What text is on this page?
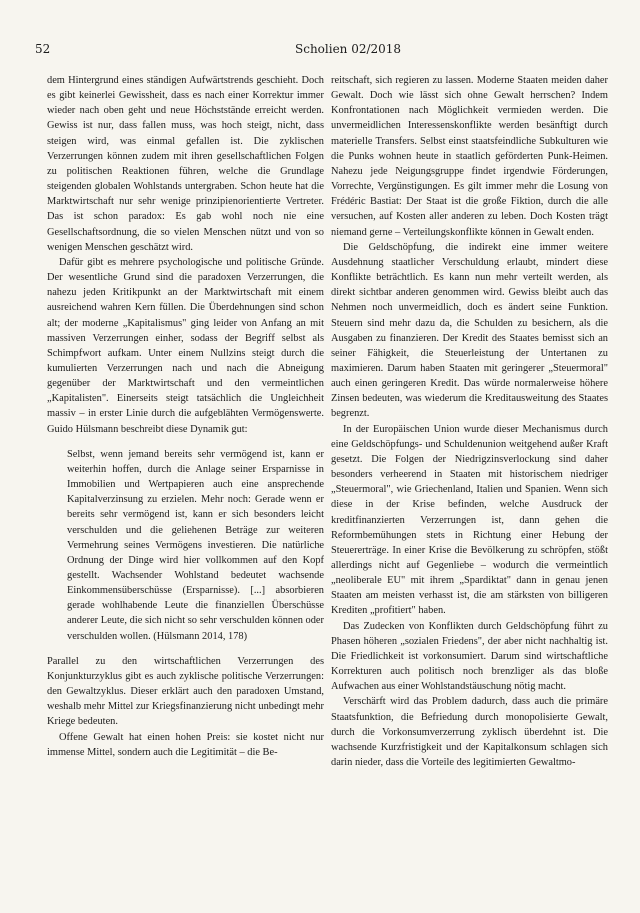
52	Scholien 02/2018

dem Hintergrund eines ständigen Aufwärtstrends geschieht. Doch es gibt keinerlei Gewissheit, dass es nach einer Korrektur immer wieder nach oben geht und neue Höchststände erreicht werden. Gewiss ist nur, dass fallen muss, was hoch steigt, nicht, dass steigen wird, was einmal gefallen ist. Die zyklischen Verzerrungen können zudem mit ihren gesellschaftlichen Folgen zu politischen Reaktionen führen, welche die Grundlage steigenden globalen Wohlstands untergraben. Schon heute hat die Marktwirtschaft nur sehr wenige prinzipienorientierte Vertreter. Das ist schon paradox: Es gab wohl noch nie eine Gesellschaftsordnung, die so vielen Menschen nützt und von so wenigen Menschen geschätzt wird.

Dafür gibt es mehrere psychologische und politische Gründe. Der wesentliche Grund sind die paradoxen Verzerrungen, die nahezu jeden Kritikpunkt an der Marktwirtschaft mit einem ausreichend wahren Kern füllen. Die Überdehnungen sind schon alt; der moderne „Kapitalismus" ging leider von Anfang an mit massiven Verzerrungen einher, sodass der Begriff selbst als Schimpfwort aufkam. Unter einem Nullzins steigt durch die kumulierten Verzerrungen nach und nach die Abneigung gegenüber der Marktwirtschaft und den vermeintlichen „Kapitalisten". Einerseits steigt tatsächlich die Ungleichheit massiv – in erster Linie durch die aufgeblähten Vermögenswerte. Guido Hülsmann beschreibt diese Dynamik gut:

Selbst, wenn jemand bereits sehr vermögend ist, kann er weiterhin hoffen, durch die Anlage seiner Ersparnisse in Immobilien und Wertpapieren auch eine ansprechende Kapitalverzinsung zu erzielen. Mehr noch: Gerade wenn er bereits sehr vermögend ist, kann er sich besonders leicht verschulden und die geliehenen Beträge zur weiteren Vermehrung seines Vermögens investieren. Die natürliche Ordnung der Dinge wird hier vollkommen auf den Kopf gestellt. Wachsender Wohlstand bedeutet wachsende Einkommensüberschüsse (Ersparnisse). [...] absorbieren gerade wohlhabende Leute die finanziellen Überschüsse anderer Leute, die sich nicht so sehr verschulden können oder verschulden wollen. (Hülsmann 2014, 178)

Parallel zu den wirtschaftlichen Verzerrungen des Konjunkturzyklus gibt es auch zyklische politische Verzerrungen: den Gewaltzyklus. Dieser erklärt auch den paradoxen Umstand, weshalb mehr Mittel zur Kriegsfinanzierung nicht unbedingt mehr Kriege bedeuten.

Offene Gewalt hat einen hohen Preis: sie kostet nicht nur immense Mittel, sondern auch die Legitimität – die Be-

reitschaft, sich regieren zu lassen. Moderne Staaten meiden daher Gewalt. Doch wie lässt sich ohne Gewalt herrschen? Indem Konfrontationen nach Möglichkeit vermieden werden. Die unvermeidlichen Interessenskonflikte werden besänftigt durch materielle Transfers. Selbst einst staatsfeindliche Subkulturen wie die Punks wohnen heute in staatlich geförderten Punk-Heimen. Nahezu jede Neigungsgruppe findet irgendwie Förderungen, Vorrechte, Vergünstigungen. Es gilt immer mehr die Losung von Frédéric Bastiat: Der Staat ist die große Fiktion, durch die alle versuchen, auf Kosten aller anderen zu leben. Doch Kosten trägt niemand gerne – Verteilungskonflikte können in Gewalt enden.

Die Geldschöpfung, die indirekt eine immer weitere Ausdehnung staatlicher Verschuldung erlaubt, mindert diese Konflikte beträchtlich. Es kann nun mehr verteilt werden, als direkt sichtbar anderen genommen wird. Gewiss bleibt auch das Nehmen noch unvermeidlich, doch es ändert seine Funktion. Steuern sind mehr dazu da, die Schulden zu besichern, als die Ausgaben zu finanzieren. Der Kredit des Staates bemisst sich an seiner Fähigkeit, die Steuerleistung der Untertanen zu maximieren. Darum haben Staaten mit geringerer „Steuermoral" auch einen geringeren Kredit. Das würde normalerweise höhere Zinsen bedeuten, was wiederum die Kreditausweitung des Staates begrenzt.

In der Europäischen Union wurde dieser Mechanismus durch eine Geldschöpfungs- und Schuldenunion weitgehend außer Kraft gesetzt. Die Folgen der Niedrigzinsverlockung sind daher besonders verheerend in Staaten mit historischem niedriger „Steuermoral", wie Griechenland, Italien und Spanien. Wenn sich diese in der Krise befinden, welche Ausdruck der kreditfinanzierten Verzerrungen ist, dann gehen die Reformbemühungen stets in Richtung einer Hebung der Steuererträge. In einer Krise die Bevölkerung zu schröpfen, stößt allerdings nicht auf Gegenliebe – wodurch die vermeintlich „neoliberale EU" mit ihrem „Spardiktat" dann in genau jenen Staaten am meisten verhasst ist, die am stärksten von billigeren Krediten „profitiert" haben.

Das Zudecken von Konflikten durch Geldschöpfung führt zu Phasen höheren „sozialen Friedens", der aber nicht nachhaltig ist. Die Friedlichkeit ist vorkonsumiert. Darum sind wirtschaftliche Korrekturen auch politisch noch brenzliger als das bloße Aufwachen aus einer Wohlstandstäuschung nötig macht.

Verschärft wird das Problem dadurch, dass auch die primäre Staatsfunktion, die Befriedung durch monopolisierte Gewalt, durch die Vorkonsumverzerrung zyklisch überdehnt ist. Die wachsende Kurzfristigkeit und der Kapitalkonsum schlagen sich darin nieder, dass die Vorteile des legitimierten Gewaltmo-
